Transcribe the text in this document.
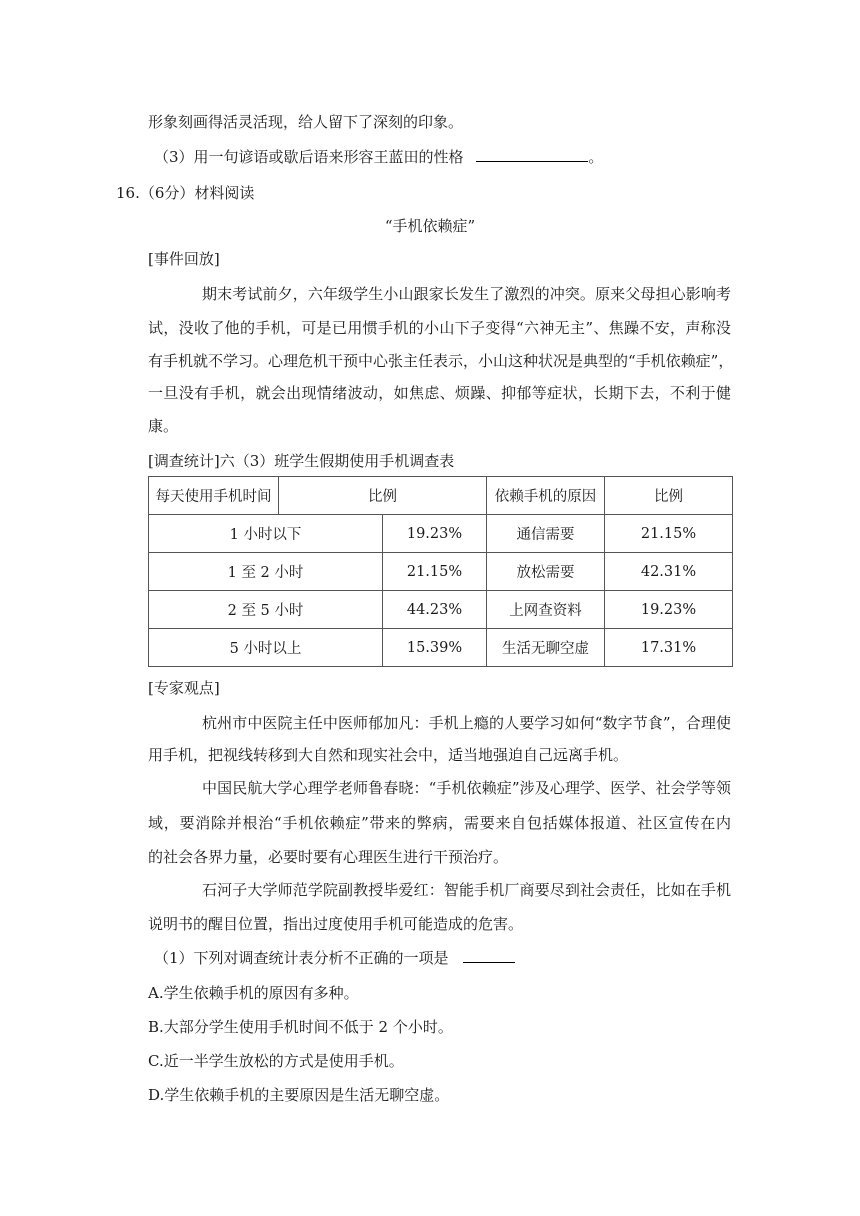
形象刻画得活灵活现，给人留下了深刻的印象。
（3）用一句谚语或歇后语来形容王蓝田的性格	。
16.（6分）材料阅读
“手机依赖症”
[事件回放]
期末考试前夕，六年级学生小山跟家长发生了激烈的冲突。原来父母担心影响考
试，没收了他的手机，可是已用惯手机的小山下子变得“六神无主”、焦躁不安，声称没
有手机就不学习。心理危机干预中心张主任表示，小山这种状况是典型的“手机依赖症”，
一旦没有手机，就会出现情绪波动，如焦虑、烦躁、抑郁等症状，长期下去，不利于健
康。
[调查统计]六（3）班学生假期使用手机调查表
每天使用手机时间	比例		依赖手机的原因	比例
1 小时以下		19.23%	通信需要	21.15%
1 至 2 小时		21.15%	放松需要	42.31%
2 至 5 小时		44.23%	上网查资料	19.23%
5 小时以上		15.39%	生活无聊空虚	17.31%
[专家观点]
杭州市中医院主任中医师郁加凡：手机上瘾的人要学习如何“数字节食”，合理使
用手机，把视线转移到大自然和现实社会中，适当地强迫自己远离手机。
中国民航大学心理学老师鲁春晓：“手机依赖症”涉及心理学、医学、社会学等领
域，要消除并根治“手机依赖症”带来的弊病，需要来自包括媒体报道、社区宣传在内
的社会各界力量，必要时要有心理医生进行干预治疗。
石河子大学师范学院副教授毕爱红：智能手机厂商要尽到社会责任，比如在手机
说明书的醒目位置，指出过度使用手机可能造成的危害。
（1）下列对调查统计表分析不正确的一项是
A.学生依赖手机的原因有多种。
B.大部分学生使用手机时间不低于 2 个小时。
C.近一半学生放松的方式是使用手机。
D.学生依赖手机的主要原因是生活无聊空虚。
